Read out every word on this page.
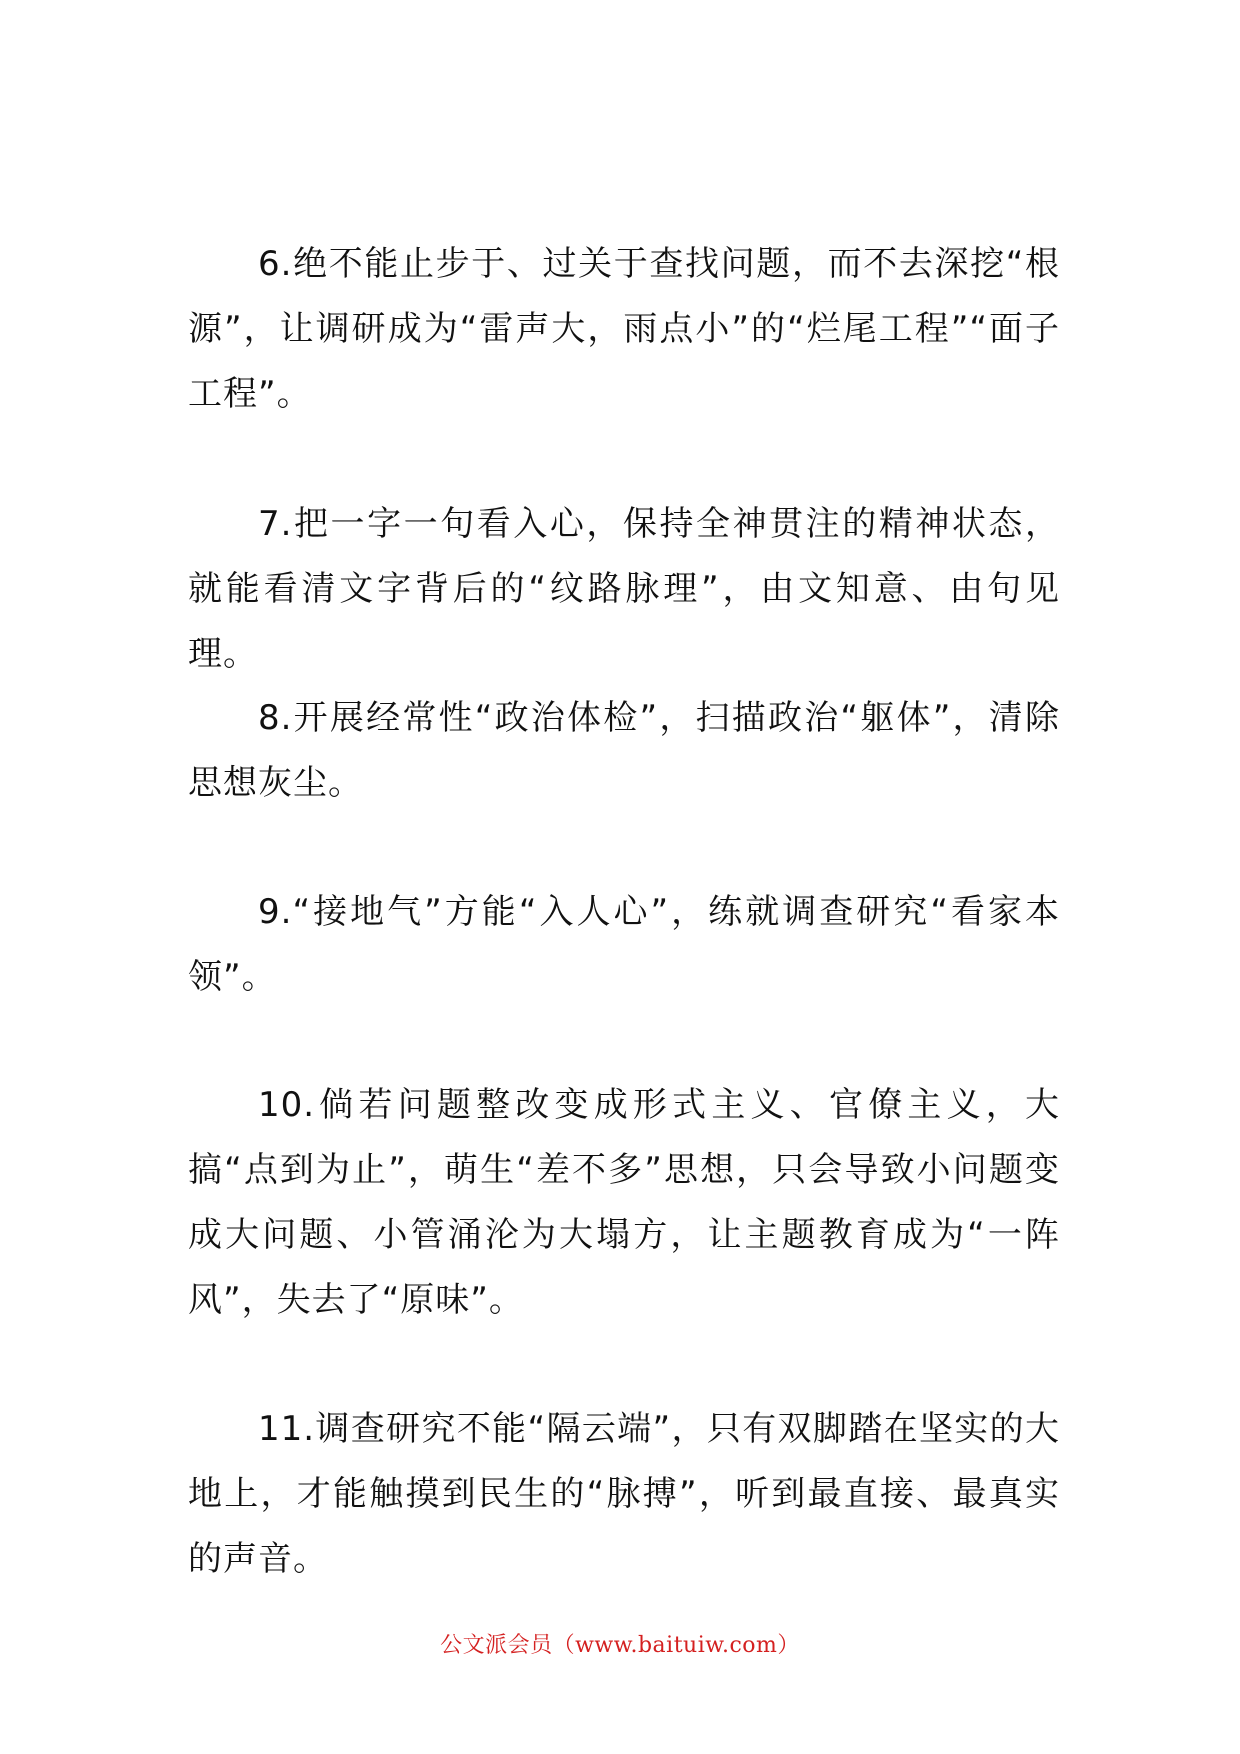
6.绝不能止步于、过关于查找问题，而不去深挖“根源”，让调研成为“雷声大，雨点小”的“烂尾工程”“面子工程”。

7.把一字一句看入心，保持全神贯注的精神状态，就能看清文字背后的“纹路脉理”，由文知意、由句见理。

8.开展经常性“政治体检”，扫描政治“躯体”，清除思想灰尘。

9.“接地气”方能“入人心”，练就调查研究“看家本领”。

10.倘若问题整改变成形式主义、官僚主义，大搞“点到为止”，萌生“差不多”思想，只会导致小问题变成大问题、小管涌沦为大塌方，让主题教育成为“一阵风”，失去了“原味”。

11.调查研究不能“隔云端”，只有双脚踏在坚实的大地上，才能触摸到民生的“脉搏”，听到最直接、最真实的声音。

公文派会员（www.baituiw.com）
